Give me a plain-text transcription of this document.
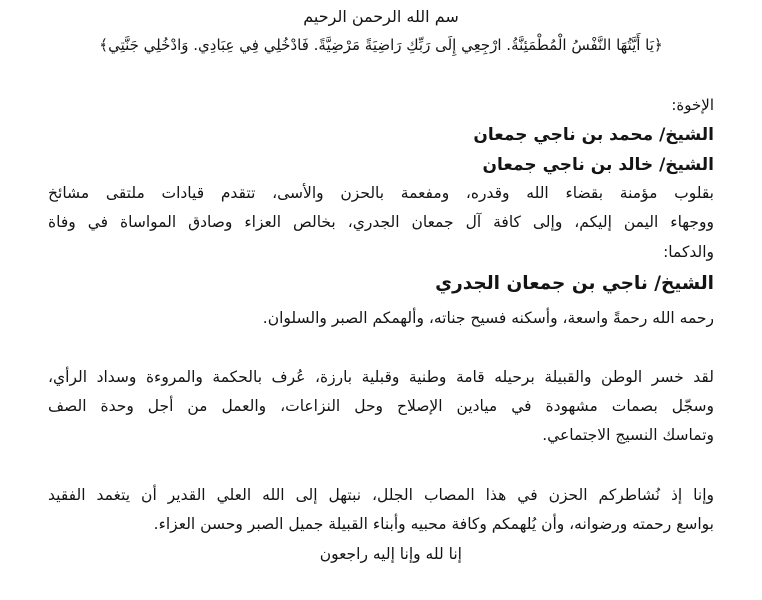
سم الله الرحمن الرحيم
﴿يَا أَيَّتُهَا النَّفْسُ الْمُطْمَئِنَّةُ. ارْجِعِي إِلَى رَبِّكِ رَاضِيَةً مَرْضِيَّةً. فَادْخُلِي فِي عِبَادِي. وَادْخُلِي جَنَّتِي﴾
الإخوة:
الشيخ/ محمد بن ناجي جمعان
الشيخ/ خالد بن ناجي جمعان
بقلوب مؤمنة بقضاء الله وقدره، ومفعمة بالحزن والأسى، تتقدم قيادات ملتقى مشائخ
ووجهاء اليمن إليكم، وإلى كافة آل جمعان الجدري، بخالص العزاء وصادق المواساة في وفاة
والدكما:
الشيخ/ ناجي بن جمعان الجدري
رحمه الله رحمةً واسعة، وأسكنه فسيح جناته، وألهمكم الصبر والسلوان.
لقد خسر الوطن والقبيلة برحيله قامة وطنية وقبلية بارزة، عُرف بالحكمة والمروءة وسداد الرأي،
وسجّل بصمات مشهودة في ميادين الإصلاح وحل النزاعات، والعمل من أجل وحدة الصف
وتماسك النسيج الاجتماعي.
وإنا إذ نُشاطركم الحزن في هذا المصاب الجلل، نبتهل إلى الله العلي القدير أن يتغمد الفقيد
بواسع رحمته ورضوانه، وأن يُلهمكم وكافة محبيه وأبناء القبيلة جميل الصبر وحسن العزاء.
إنا لله وإنا إليه راجعون
